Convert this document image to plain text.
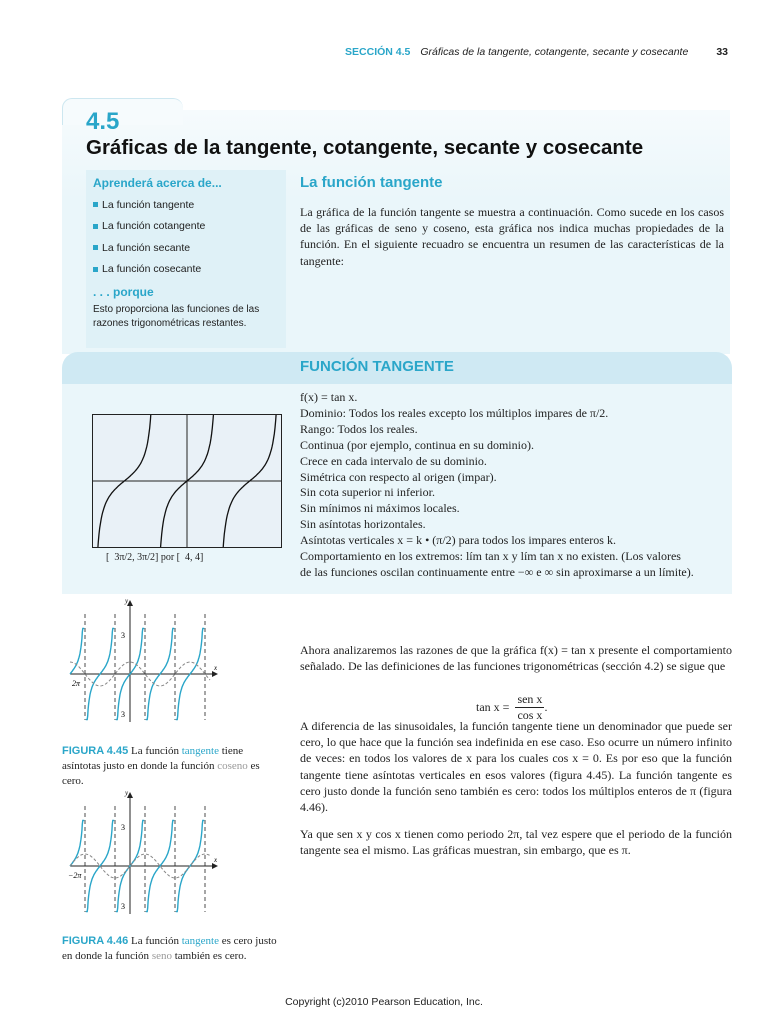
SECCIÓN 4.5 Gráficas de la tangente, cotangente, secante y cosecante	33
4.5
Gráficas de la tangente, cotangente, secante y cosecante
Aprenderá acerca de...
La función tangente
La función cotangente
La función secante
La función cosecante
. . . porque
Esto proporciona las funciones de las razones trigonométricas restantes.
La función tangente
La gráfica de la función tangente se muestra a continuación. Como sucede en los casos de las gráficas de seno y coseno, esta gráfica nos indica muchas propiedades de la función. En el siguiente recuadro se encuentra un resumen de las características de la tangente:
FUNCIÓN TANGENTE
[  3π/2, 3π/2] por [  4, 4]
f(x) = tan x.
Dominio: Todos los reales excepto los múltiplos impares de π/2.
Rango: Todos los reales.
Continua (por ejemplo, continua en su dominio).
Crece en cada intervalo de su dominio.
Simétrica con respecto al origen (impar).
Sin cota superior ni inferior.
Sin mínimos ni máximos locales.
Sin asíntotas horizontales.
Asíntotas verticales x = k • (π/2) para todos los impares enteros k.
Comportamiento en los extremos: lím tan x y lím tan x no existen. (Los valores
de las funciones oscilan continuamente entre −∞ e ∞ sin aproximarse a un límite).
y
x
3
3
2π
FIGURA 4.45 La función tangente tiene asíntotas justo en donde la función coseno es cero.
y
x
3
3
−2π
FIGURA 4.46 La función tangente es cero justo en donde la función seno también es cero.
Ahora analizaremos las razones de que la gráfica f(x) = tan x presente el comportamiento señalado. De las definiciones de las funciones trigonométricas (sección 4.2) se sigue que
$\tan x = \frac{\text{sen x}}{\text{cos x}}$ .
A diferencia de las sinusoidales, la función tangente tiene un denominador que puede ser cero, lo que hace que la función sea indefinida en ese caso. Eso ocurre un número infinito de veces: en todos los valores de x para los cuales cos x = 0. Es por eso que la función tangente tiene asíntotas verticales en esos valores (figura 4.45). La función tangente es cero justo donde la función seno también es cero: todos los múltiplos enteros de π (figura 4.46).
Ya que sen x y cos x tienen como periodo 2π, tal vez espere que el periodo de la función tangente sea el mismo. Las gráficas muestran, sin embargo, que es π.
Copyright (c)2010 Pearson Education, Inc.
